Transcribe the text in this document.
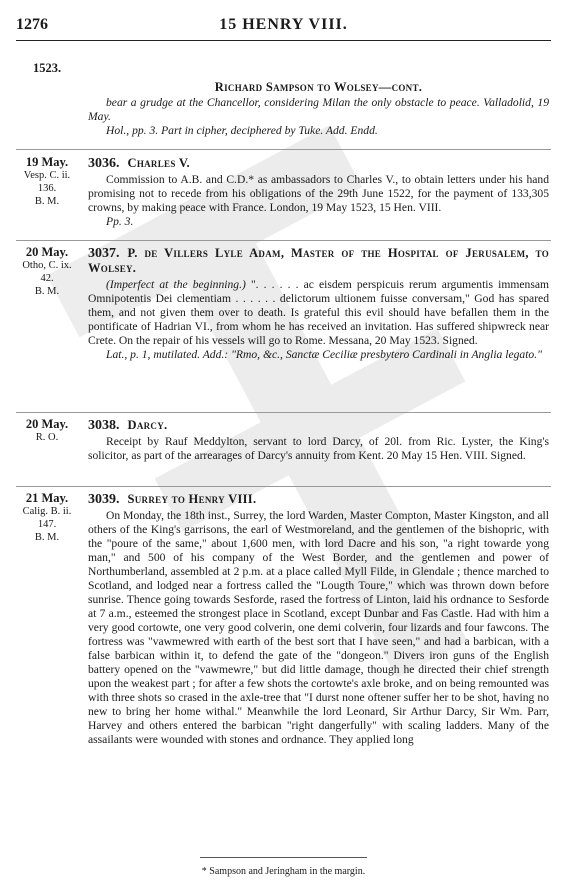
1276	15 HENRY VIII.
1523.
Richard Sampson to Wolsey—cont.
bear a grudge at the Chancellor, considering Milan the only obstacle to peace. Valladolid, 19 May.
Hol., pp. 3. Part in cipher, deciphered by Tuke. Add. Endd.
19 May.
Vesp. C. ii.
136.
B. M.
3036. Charles V.
Commission to A.B. and C.D.* as ambassadors to Charles V., to obtain letters under his hand promising not to recede from his obligations of the 29th June 1522, for the payment of 133,305 crowns, by making peace with France. London, 19 May 1523, 15 Hen. VIII.
Pp. 3.
20 May.
Otho, C. ix.
42.
B. M.
3037. P. de Villers Lyle Adam, Master of the Hospital of Jerusalem, to Wolsey.
(Imperfect at the beginning.) ". . . . . . ac eisdem perspicuis rerum argumentis immensam Omnipotentis Dei clementiam . . . . . . delictorum ultionem fuisse conversam," God has spared them, and not given them over to death. Is grateful this evil should have befallen them in the pontificate of Hadrian VI., from whom he has received an invitation. Has suffered shipwreck near Crete. On the repair of his vessels will go to Rome. Messana, 20 May 1523. Signed.
Lat., p. 1, mutilated. Add.: "Rmo, &c., Sanctæ Ceciliæ presbytero Cardinali in Anglia legato."
20 May.
R. O.
3038. Darcy.
Receipt by Rauf Meddylton, servant to lord Darcy, of 20l. from Ric. Lyster, the King's solicitor, as part of the arrearages of Darcy's annuity from Kent. 20 May 15 Hen. VIII. Signed.
21 May.
Calig. B. ii.
147.
B. M.
3039. Surrey to Henry VIII.
On Monday, the 18th inst., Surrey, the lord Warden, Master Compton, Master Kingston, and all others of the King's garrisons, the earl of Westmoreland, and the gentlemen of the bishopric, with the "poure of the same," about 1,600 men, with lord Dacre and his son, "a right towarde yong man," and 500 of his company of the West Border, and the gentlemen and power of Northumberland, assembled at 2 p.m. at a place called Myll Filde, in Glendale ; thence marched to Scotland, and lodged near a fortress called the "Lougth Toure," which was thrown down before sunrise. Thence going towards Sesforde, rased the fortress of Linton, laid his ordnance to Sesforde at 7 a.m., esteemed the strongest place in Scotland, except Dunbar and Fas Castle. Had with him a very good cortowte, one very good colverin, one demi colverin, four lizards and four fawcons. The fortress was "vawmewred with earth of the best sort that I have seen," and had a barbican, with a false barbican within it, to defend the gate of the "dongeon." Divers iron guns of the English battery opened on the "vawmewre," but did little damage, though he directed their chief strength upon the weakest part ; for after a few shots the cortowte's axle broke, and on being remounted was with three shots so crased in the axle-tree that "I durst none oftener suffer her to be shot, having no new to bring her home withal." Meanwhile the lord Leonard, Sir Arthur Darcy, Sir Wm. Parr, Harvey and others entered the barbican "right dangerfully" with scaling ladders. Many of the assailants were wounded with stones and ordnance. They applied long
* Sampson and Jeringham in the margin.
